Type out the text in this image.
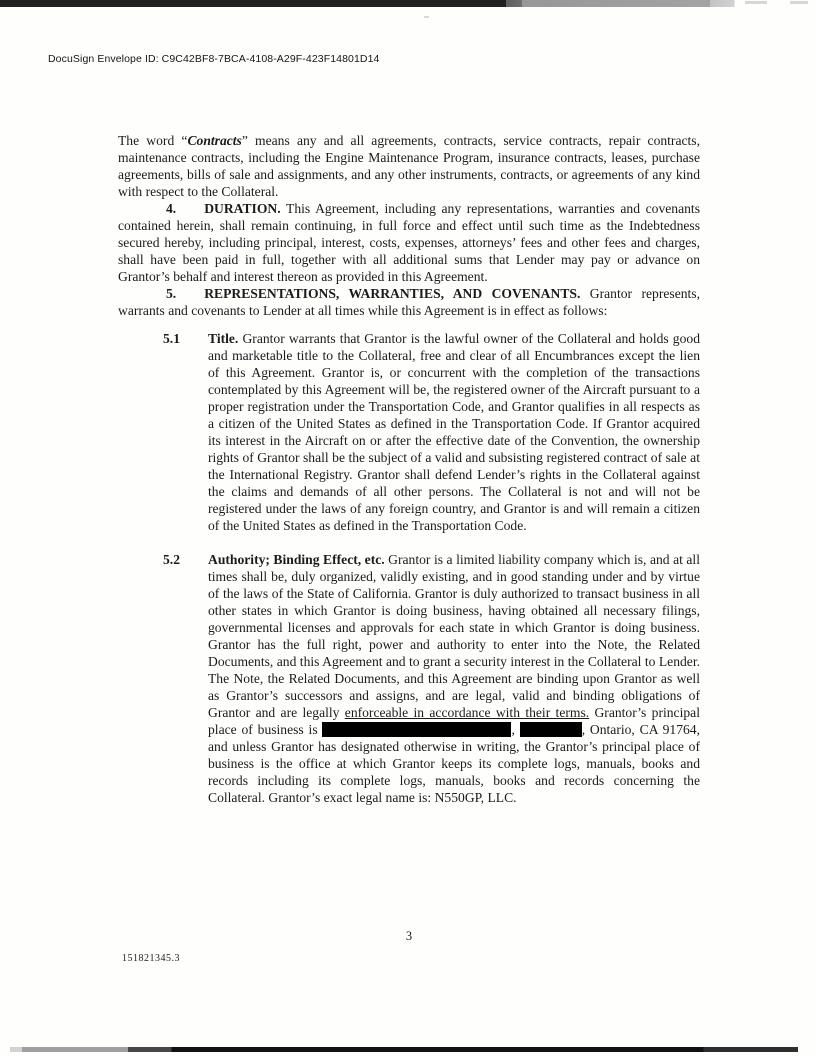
DocuSign Envelope ID: C9C42BF8-7BCA-4108-A29F-423F14801D14

The word “Contracts” means any and all agreements, contracts, service contracts, repair contracts, maintenance contracts, including the Engine Maintenance Program, insurance contracts, leases, purchase agreements, bills of sale and assignments, and any other instruments, contracts, or agreements of any kind with respect to the Collateral.

4. DURATION. This Agreement, including any representations, warranties and covenants contained herein, shall remain continuing, in full force and effect until such time as the Indebtedness secured hereby, including principal, interest, costs, expenses, attorneys’ fees and other fees and charges, shall have been paid in full, together with all additional sums that Lender may pay or advance on Grantor’s behalf and interest thereon as provided in this Agreement.

5. REPRESENTATIONS, WARRANTIES, AND COVENANTS. Grantor represents, warrants and covenants to Lender at all times while this Agreement is in effect as follows:

5.1 Title. Grantor warrants that Grantor is the lawful owner of the Collateral and holds good and marketable title to the Collateral, free and clear of all Encumbrances except the lien of this Agreement. Grantor is, or concurrent with the completion of the transactions contemplated by this Agreement will be, the registered owner of the Aircraft pursuant to a proper registration under the Transportation Code, and Grantor qualifies in all respects as a citizen of the United States as defined in the Transportation Code. If Grantor acquired its interest in the Aircraft on or after the effective date of the Convention, the ownership rights of Grantor shall be the subject of a valid and subsisting registered contract of sale at the International Registry. Grantor shall defend Lender’s rights in the Collateral against the claims and demands of all other persons. The Collateral is not and will not be registered under the laws of any foreign country, and Grantor is and will remain a citizen of the United States as defined in the Transportation Code.

5.2 Authority; Binding Effect, etc. Grantor is a limited liability company which is, and at all times shall be, duly organized, validly existing, and in good standing under and by virtue of the laws of the State of California. Grantor is duly authorized to transact business in all other states in which Grantor is doing business, having obtained all necessary filings, governmental licenses and approvals for each state in which Grantor is doing business. Grantor has the full right, power and authority to enter into the Note, the Related Documents, and this Agreement and to grant a security interest in the Collateral to Lender. The Note, the Related Documents, and this Agreement are binding upon Grantor as well as Grantor’s successors and assigns, and are legal, valid and binding obligations of Grantor and are legally enforceable in accordance with their terms. Grantor’s principal place of business is	,	, Ontario, CA 91764, and unless Grantor has designated otherwise in writing, the Grantor’s principal place of business is the office at which Grantor keeps its complete logs, manuals, books and records including its complete logs, manuals, books and records concerning the Collateral. Grantor’s exact legal name is: N550GP, LLC.

3
151821345.3
